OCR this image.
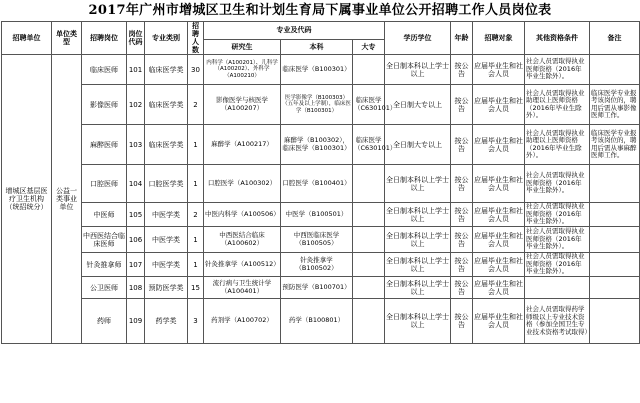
2017年广州市增城区卫生和计划生育局下属事业单位公开招聘工作人员岗位表
招聘单位	单位类型	招聘岗位	岗位代码	专业类别	招聘人数	专业及代码			学历学位	年龄	招聘对象	其他资格条件	备注
						研究生	本科	大专					
增城区基层医疗卫生机构（统招统分）	公益一类事业单位	临床医师	101	临床医学类	30	内科学（A100201）、儿科学（A100202）、外科学（A100210）	临床医学（B100301）		全日制本科以上学士以上	按公告	应届毕业生和社会人员	社会人员需取得执业医师资格（2016年毕业生除外）。	
		影像医师	102	临床医学类	2	影像医学与核医学（A100207）	医学影像学（B100303）（五年及以上学制），临床医学（B100301）	临床医学（C630101）	全日制大专以上	按公告	应届毕业生和社会人员	社会人员需取得执业助理以上医师资格（2016年毕业生除外）。	临床医学专业报考该岗位的，聘用后需从事影像医师工作。
		麻醉医师	103	临床医学类	1	麻醉学（A100217）	麻醉学（B100302），临床医学（B100301）	临床医学（C630101）	全日制大专以上	按公告	应届毕业生和社会人员	社会人员需取得执业助理以上医师资格（2016年毕业生除外）。	临床医学专业报考该岗位的，聘用后需从事麻醉医师工作。
		口腔医师	104	口腔医学类	1	口腔医学（A100302）	口腔医学（B100401）		全日制本科以上学士以上	按公告	应届毕业生和社会人员	社会人员需取得执业医师资格（2016年毕业生除外）。	
		中医师	105	中医学类	2	中医内科学（A100506）	中医学（B100501）		全日制本科以上学士以上	按公告	应届毕业生和社会人员	社会人员需取得执业医师资格（2016年毕业生除外）。	
		中西医结合临床医师	106	中医学类	1	中西医结合临床（A100602）	中西医临床医学（B100505）		全日制本科以上学士以上	按公告	应届毕业生和社会人员	社会人员需取得执业医师资格（2016年毕业生除外）。	
		针灸推拿师	107	中医学类	1	针灸推拿学（A100512）	针灸推拿学（B100502）		全日制本科以上学士以上	按公告	应届毕业生和社会人员	社会人员需取得执业医师资格（2016年毕业生除外）。	
		公卫医师	108	预防医学类	15	流行病与卫生统计学（A100401）	预防医学（B100701）		全日制本科以上学士以上	按公告	应届毕业生和社会人员		
		药师	109	药学类	3	药剂学（A100702）	药学（B100801）		全日制本科以上学士以上	按公告	应届毕业生和社会人员	社会人员需取得药学师级以上专业技术资格（参加全国卫生专业技术资格考试取得）	
